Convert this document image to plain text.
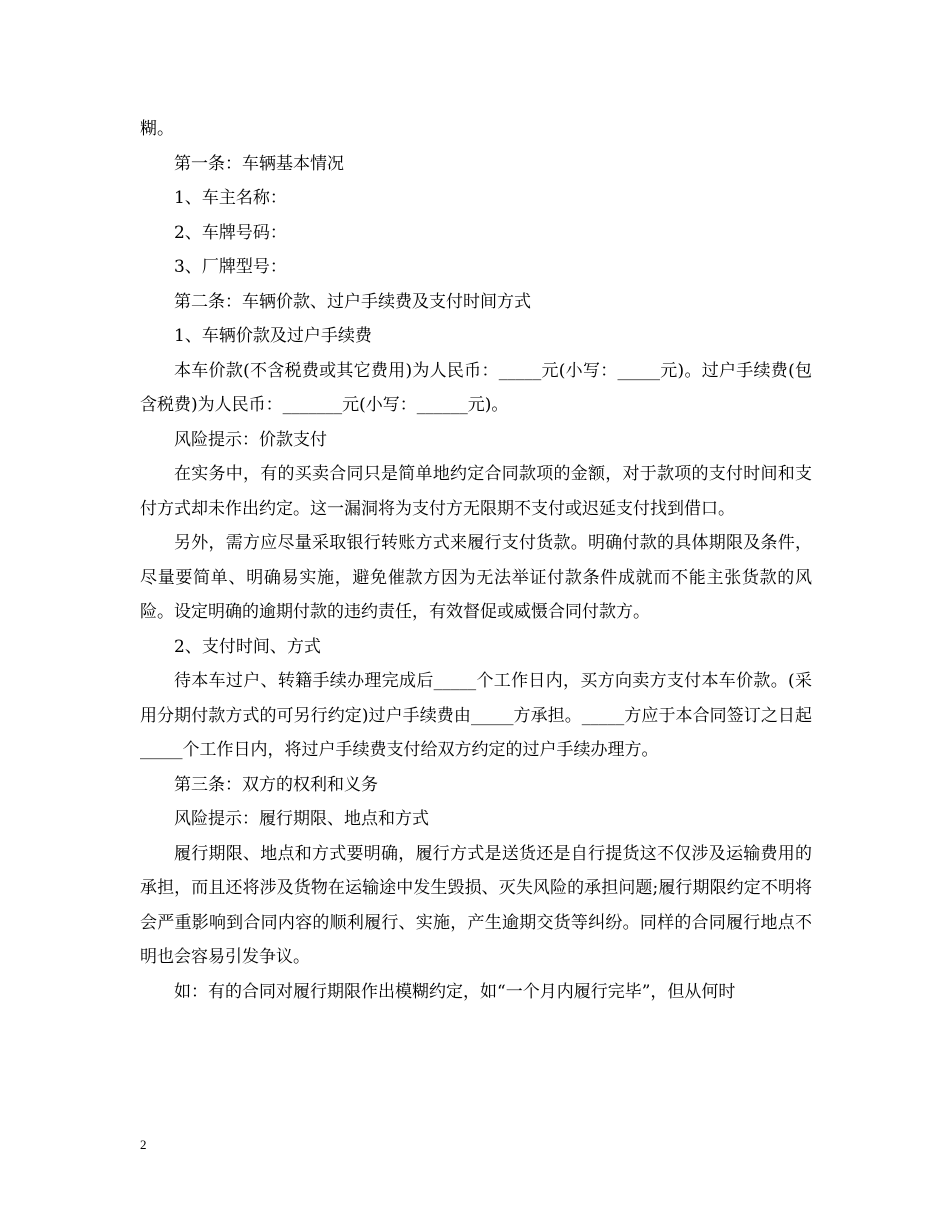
糊。

第一条：车辆基本情况

1、车主名称：

2、车牌号码：

3、厂牌型号：

第二条：车辆价款、过户手续费及支付时间方式

1、车辆价款及过户手续费

本车价款(不含税费或其它费用)为人民币：_____元(小写：_____元)。过户手续费(包含税费)为人民币：_______元(小写：______元)。

风险提示：价款支付

在实务中，有的买卖合同只是简单地约定合同款项的金额，对于款项的支付时间和支付方式却未作出约定。这一漏洞将为支付方无限期不支付或迟延支付找到借口。

另外，需方应尽量采取银行转账方式来履行支付货款。明确付款的具体期限及条件，尽量要简单、明确易实施，避免催款方因为无法举证付款条件成就而不能主张货款的风险。设定明确的逾期付款的违约责任，有效督促或威慑合同付款方。

2、支付时间、方式

待本车过户、转籍手续办理完成后_____个工作日内，买方向卖方支付本车价款。(采用分期付款方式的可另行约定)过户手续费由_____方承担。_____方应于本合同签订之日起_____个工作日内，将过户手续费支付给双方约定的过户手续办理方。

第三条：双方的权利和义务

风险提示：履行期限、地点和方式

履行期限、地点和方式要明确，履行方式是送货还是自行提货这不仅涉及运输费用的承担，而且还将涉及货物在运输途中发生毁损、灭失风险的承担问题;履行期限约定不明将会严重影响到合同内容的顺利履行、实施，产生逾期交货等纠纷。同样的合同履行地点不明也会容易引发争议。

如：有的合同对履行期限作出模糊约定，如“一个月内履行完毕”，但从何时

2
